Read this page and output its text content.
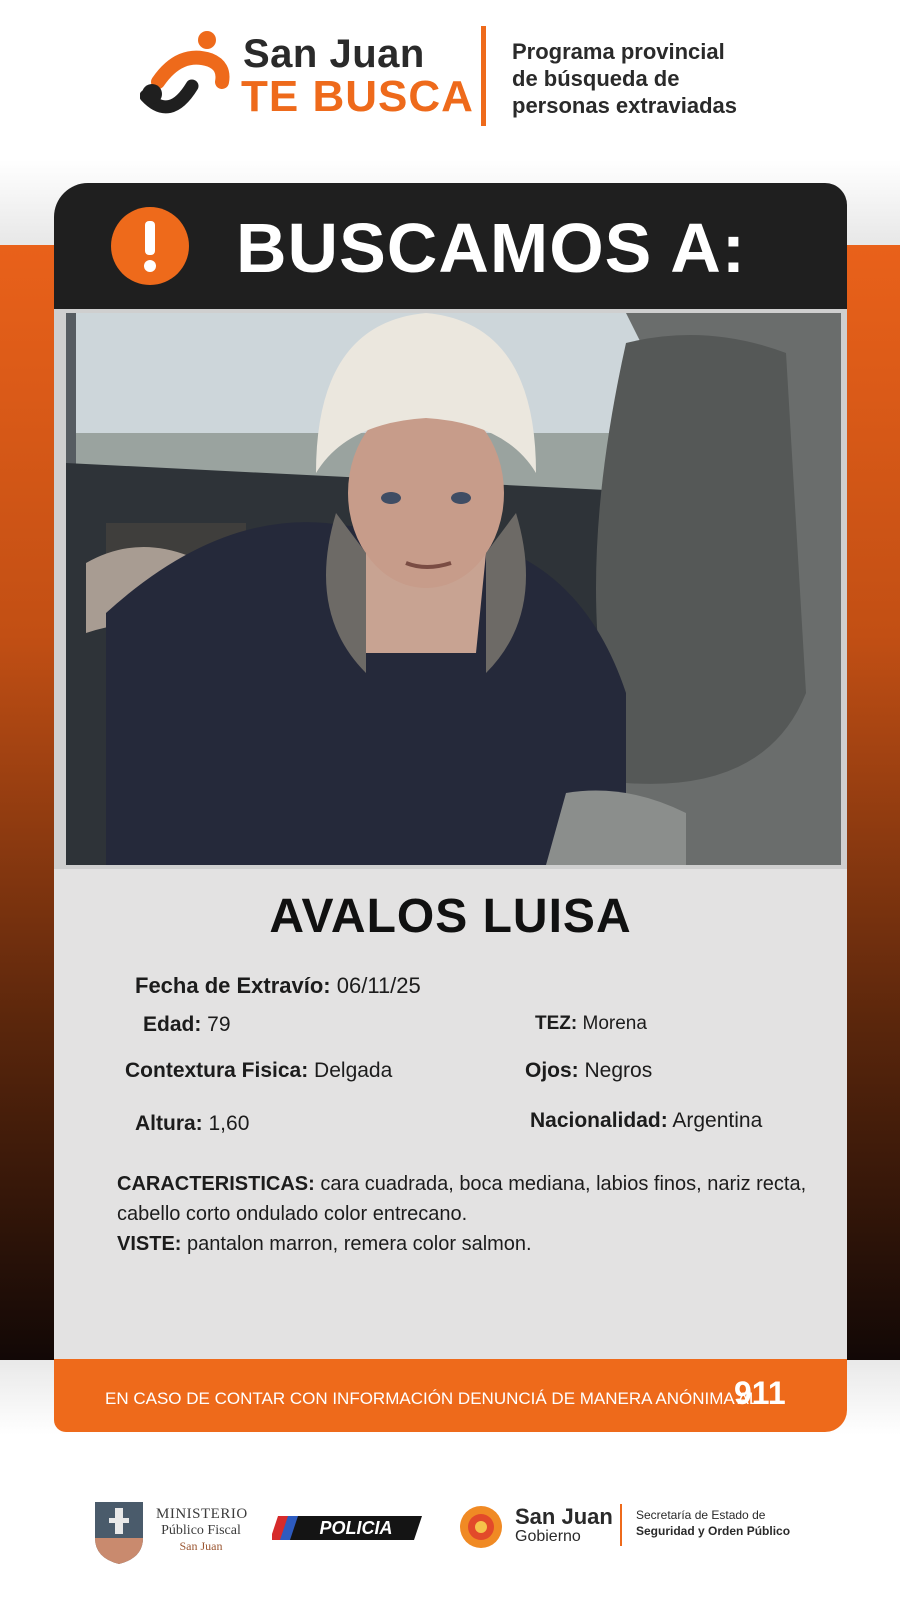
San Juan
TE BUSCA
Programa provincial
de búsqueda de
personas extraviadas
BUSCAMOS A:
AVALOS LUISA
Fecha de Extravío: 06/11/25
Edad: 79	TEZ: Morena
Contextura Fisica: Delgada	Ojos: Negros
Altura: 1,60	Nacionalidad: Argentina
CARACTERISTICAS: cara cuadrada, boca mediana, labios finos, nariz recta, cabello corto ondulado color entrecano.
VISTE: pantalon marron, remera color salmon.
EN CASO DE CONTAR CON INFORMACIÓN DENUNCIÁ DE MANERA ANÓNIMA AL:
911
MINISTERIO
Público Fiscal
San Juan
POLICIA	San Juan
Gobierno
Secretaría de Estado de
Seguridad y Orden Público
